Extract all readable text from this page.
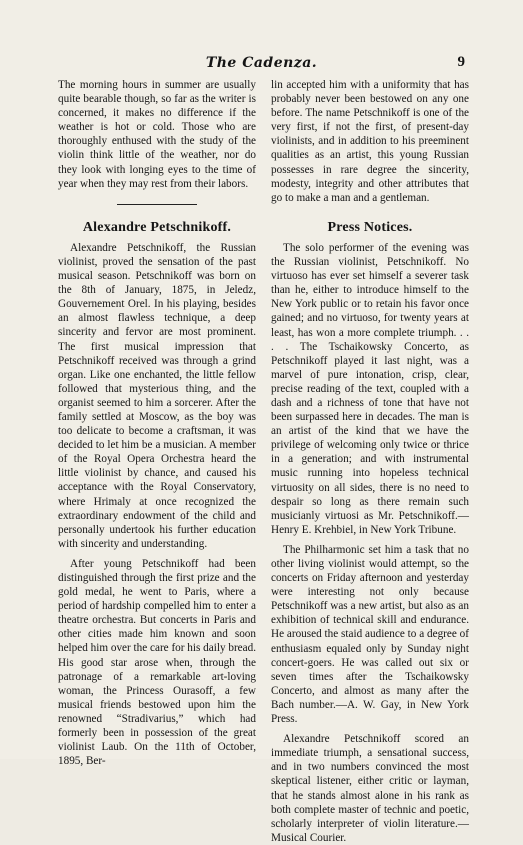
The Cadenza.	9

The morning hours in summer are usually quite bearable though, so far as the writer is concerned, it makes no difference if the weather is hot or cold. Those who are thoroughly enthused with the study of the violin think little of the weather, nor do they look with longing eyes to the time of year when they may rest from their labors.

Alexandre Petschnikoff.

Alexandre Petschnikoff, the Russian violinist, proved the sensation of the past musical season. Petschnikoff was born on the 8th of January, 1875, in Jeledz, Gouvernement Orel. In his playing, besides an almost flawless technique, a deep sincerity and fervor are most prominent. The first musical impression that Petschnikoff received was through a grind organ. Like one enchanted, the little fellow followed that mysterious thing, and the organist seemed to him a sorcerer. After the family settled at Moscow, as the boy was too delicate to become a craftsman, it was decided to let him be a musician. A member of the Royal Opera Orchestra heard the little violinist by chance, and caused his acceptance with the Royal Conservatory, where Hrimaly at once recognized the extraordinary endowment of the child and personally undertook his further education with sincerity and understanding.

After young Petschnikoff had been distinguished through the first prize and the gold medal, he went to Paris, where a period of hardship compelled him to enter a theatre orchestra. But concerts in Paris and other cities made him known and soon helped him over the care for his daily bread. His good star arose when, through the patronage of a remarkable art-loving woman, the Princess Ourasoff, a few musical friends bestowed upon him the renowned “Stradivarius,” which had formerly been in possession of the great violinist Laub. On the 11th of October, 1895, Ber-

lin accepted him with a uniformity that has probably never been bestowed on any one before. The name Petschnikoff is one of the very first, if not the first, of present-day violinists, and in addition to his preeminent qualities as an artist, this young Russian possesses in rare degree the sincerity, modesty, integrity and other attributes that go to make a man and a gentleman.

Press Notices.

The solo performer of the evening was the Russian violinist, Petschnikoff. No virtuoso has ever set himself a severer task than he, either to introduce himself to the New York public or to retain his favor once gained; and no virtuoso, for twenty years at least, has won a more complete triumph. . . . . The Tschaikowsky Concerto, as Petschnikoff played it last night, was a marvel of pure intonation, crisp, clear, precise reading of the text, coupled with a dash and a richness of tone that have not been surpassed here in decades. The man is an artist of the kind that we have the privilege of welcoming only twice or thrice in a generation; and with instrumental music running into hopeless technical virtuosity on all sides, there is no need to despair so long as there remain such musicianly virtuosi as Mr. Petschnikoff.—Henry E. Krehbiel, in New York Tribune.

The Philharmonic set him a task that no other living violinist would attempt, so the concerts on Friday afternoon and yesterday were interesting not only because Petschnikoff was a new artist, but also as an exhibition of technical skill and endurance. He aroused the staid audience to a degree of enthusiasm equaled only by Sunday night concert-goers. He was called out six or seven times after the Tschaikowsky Concerto, and almost as many after the Bach number.—A. W. Gay, in New York Press.

Alexandre Petschnikoff scored an immediate triumph, a sensational success, and in two numbers convinced the most skeptical listener, either critic or layman, that he stands almost alone in his rank as both complete master of technic and poetic, scholarly interpreter of violin literature.—Musical Courier.
